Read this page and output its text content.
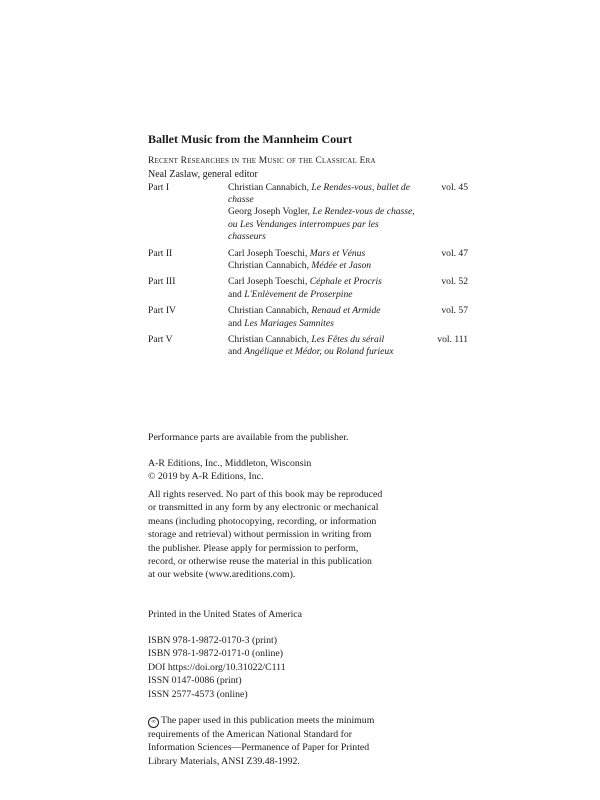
Ballet Music from the Mannheim Court
Recent Researches in the Music of the Classical Era
Neal Zaslaw, general editor
Part I	Christian Cannabich, Le Rendes-vous, ballet de chasse
Georg Joseph Vogler, Le Rendez-vous de chasse,
ou Les Vendanges interrompues par les chasseurs
vol. 45
Part II	Carl Joseph Toeschi, Mars et Vénus
Christian Cannabich, Médée et Jason
vol. 47
Part III	Carl Joseph Toeschi, Céphale et Procris
and L'Enlèvement de Proserpine
vol. 52
Part IV	Christian Cannabich, Renaud et Armide
and Les Mariages Samnites
vol. 57
Part V	Christian Cannabich, Les Fêtes du sérail
and Angélique et Médor, ou Roland furieux
vol. 111
Performance parts are available from the publisher.
A-R Editions, Inc., Middleton, Wisconsin
© 2019 by A-R Editions, Inc.
All rights reserved. No part of this book may be reproduced
or transmitted in any form by any electronic or mechanical
means (including photocopying, recording, or information
storage and retrieval) without permission in writing from
the publisher. Please apply for permission to perform,
record, or otherwise reuse the material in this publication
at our website (www.areditions.com).
Printed in the United States of America
ISBN 978-1-9872-0170-3 (print)
ISBN 978-1-9872-0171-0 (online)
DOI https://doi.org/10.31022/C111
ISSN 0147-0086 (print)
ISSN 2577-4573 (online)
∞ The paper used in this publication meets the minimum
requirements of the American National Standard for
Information Sciences—Permanence of Paper for Printed
Library Materials, ANSI Z39.48-1992.
